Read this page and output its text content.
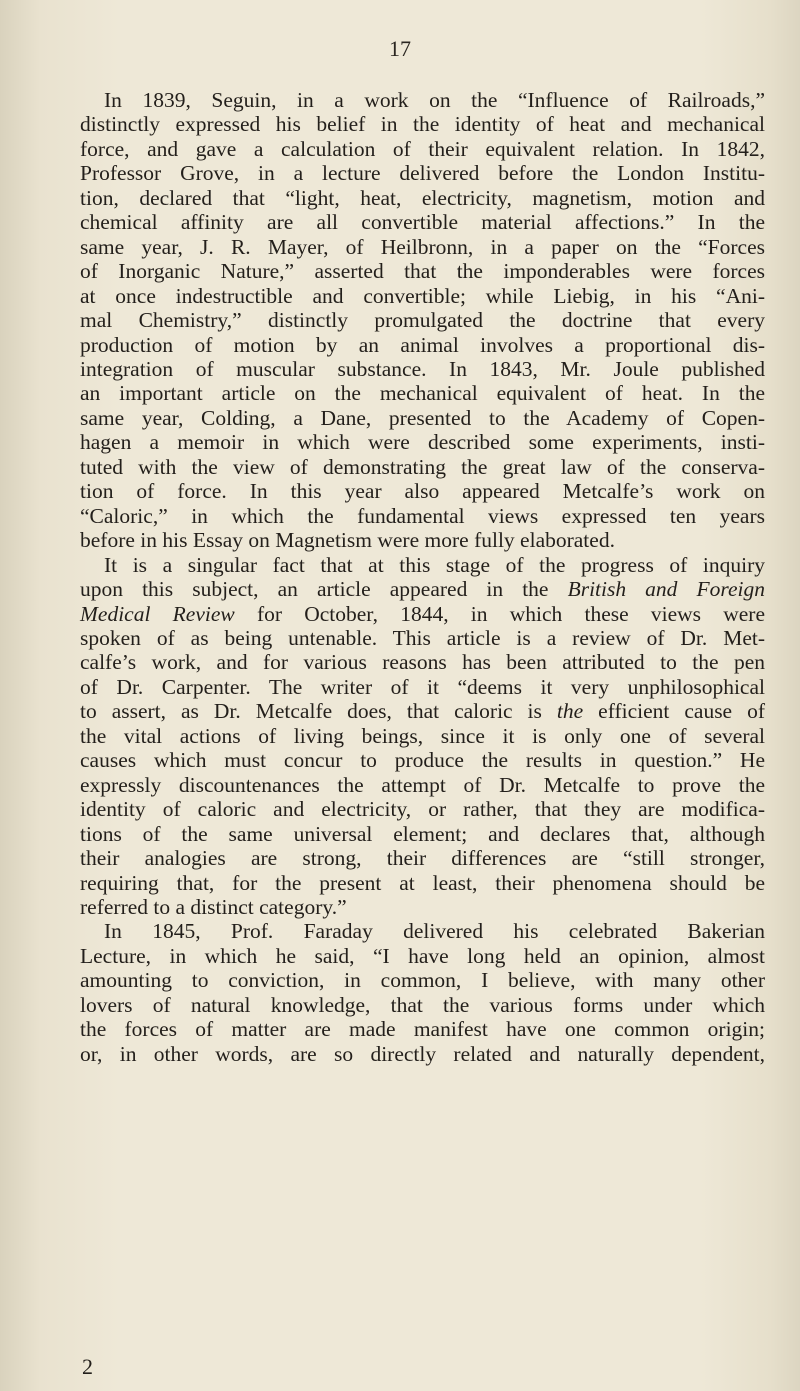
17

In 1839, Seguin, in a work on the “Influence of Railroads,”
distinctly expressed his belief in the identity of heat and mechanical
force, and gave a calculation of their equivalent relation. In 1842,
Professor Grove, in a lecture delivered before the London Institu-
tion, declared that “light, heat, electricity, magnetism, motion and
chemical affinity are all convertible material affections.” In the
same year, J. R. Mayer, of Heilbronn, in a paper on the “Forces
of Inorganic Nature,” asserted that the imponderables were forces
at once indestructible and convertible; while Liebig, in his “Ani-
mal Chemistry,” distinctly promulgated the doctrine that every
production of motion by an animal involves a proportional dis-
integration of muscular substance. In 1843, Mr. Joule published
an important article on the mechanical equivalent of heat. In the
same year, Colding, a Dane, presented to the Academy of Copen-
hagen a memoir in which were described some experiments, insti-
tuted with the view of demonstrating the great law of the conserva-
tion of force. In this year also appeared Metcalfe’s work on
“Caloric,” in which the fundamental views expressed ten years
before in his Essay on Magnetism were more fully elaborated.

It is a singular fact that at this stage of the progress of inquiry
upon this subject, an article appeared in the British and Foreign
Medical Review for October, 1844, in which these views were
spoken of as being untenable. This article is a review of Dr. Met-
calfe’s work, and for various reasons has been attributed to the pen
of Dr. Carpenter. The writer of it “deems it very unphilosophical
to assert, as Dr. Metcalfe does, that caloric is the efficient cause of
the vital actions of living beings, since it is only one of several
causes which must concur to produce the results in question.” He
expressly discountenances the attempt of Dr. Metcalfe to prove the
identity of caloric and electricity, or rather, that they are modifica-
tions of the same universal element; and declares that, although
their analogies are strong, their differences are “still stronger,
requiring that, for the present at least, their phenomena should be
referred to a distinct category.”

In 1845, Prof. Faraday delivered his celebrated Bakerian
Lecture, in which he said, “I have long held an opinion, almost
amounting to conviction, in common, I believe, with many other
lovers of natural knowledge, that the various forms under which
the forces of matter are made manifest have one common origin;
or, in other words, are so directly related and naturally dependent,

2
